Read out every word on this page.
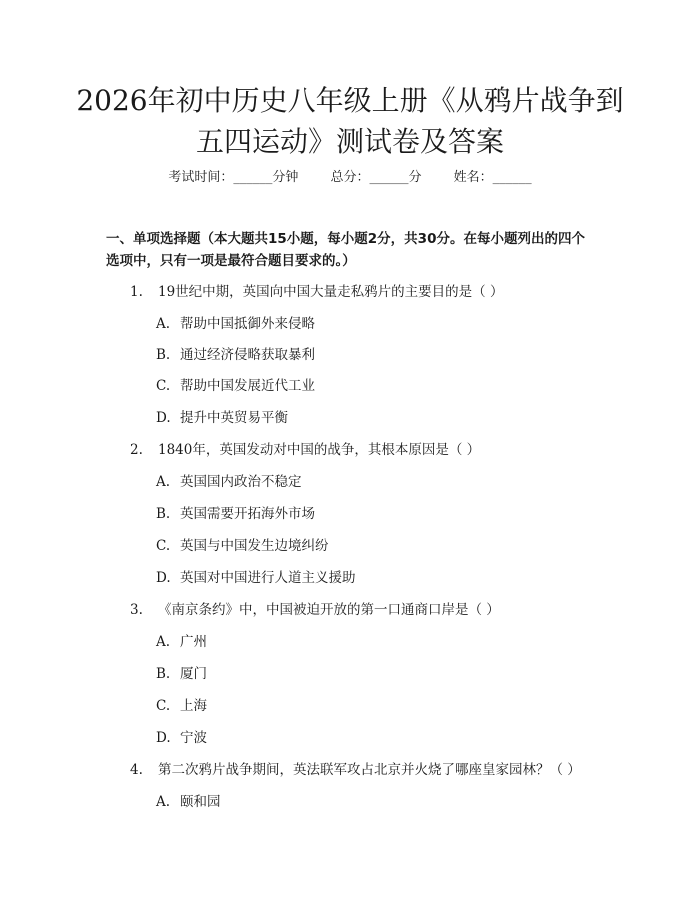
2026年初中历史八年级上册《从鸦片战争到
五四运动》测试卷及答案
考试时间：______分钟 总分：______分 姓名：______

一、单项选择题（本大题共15小题，每小题2分，共30分。在每小题列出的四个选项中，只有一项是最符合题目要求的。）

1. 19世纪中期，英国向中国大量走私鸦片的主要目的是（ ）
A. 帮助中国抵御外来侵略
B. 通过经济侵略获取暴利
C. 帮助中国发展近代工业
D. 提升中英贸易平衡
2. 1840年，英国发动对中国的战争，其根本原因是（ ）
A. 英国国内政治不稳定
B. 英国需要开拓海外市场
C. 英国与中国发生边境纠纷
D. 英国对中国进行人道主义援助
3. 《南京条约》中，中国被迫开放的第一口通商口岸是（ ）
A. 广州
B. 厦门
C. 上海
D. 宁波
4. 第二次鸦片战争期间，英法联军攻占北京并火烧了哪座皇家园林？（ ）
A. 颐和园
